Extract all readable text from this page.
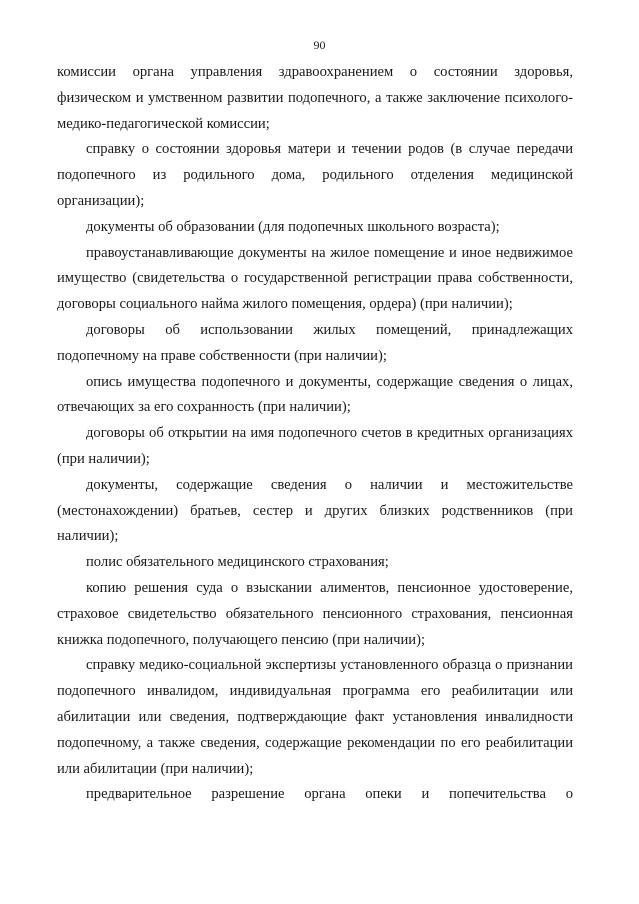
90

комиссии органа управления здравоохранением о состоянии здоровья, физическом и умственном развитии подопечного, а также заключение психолого-медико-педагогической комиссии;

справку о состоянии здоровья матери и течении родов (в случае передачи подопечного из родильного дома, родильного отделения медицинской организации);

документы об образовании (для подопечных школьного возраста);

правоустанавливающие документы на жилое помещение и иное недвижимое имущество (свидетельства о государственной регистрации права собственности, договоры социального найма жилого помещения, ордера) (при наличии);

договоры об использовании жилых помещений, принадлежащих подопечному на праве собственности (при наличии);

опись имущества подопечного и документы, содержащие сведения о лицах, отвечающих за его сохранность (при наличии);

договоры об открытии на имя подопечного счетов в кредитных организациях (при наличии);

документы, содержащие сведения о наличии и местожительстве (местонахождении) братьев, сестер и других близких родственников (при наличии);

полис обязательного медицинского страхования;

копию решения суда о взыскании алиментов, пенсионное удостоверение, страховое свидетельство обязательного пенсионного страхования, пенсионная книжка подопечного, получающего пенсию (при наличии);

справку медико-социальной экспертизы установленного образца о признании подопечного инвалидом, индивидуальная программа его реабилитации или абилитации или сведения, подтверждающие факт установления инвалидности подопечному, а также сведения, содержащие рекомендации по его реабилитации или абилитации (при наличии);

предварительное разрешение органа опеки и попечительства о
